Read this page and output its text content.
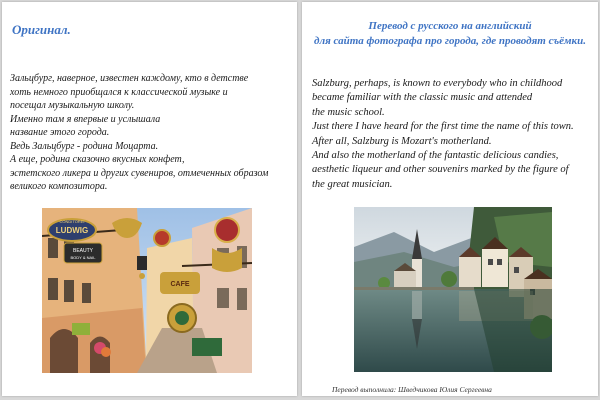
Оригинал.
Зальцбург, наверное, известен каждому, кто в детстве
хоть немного приобщался к классической музыке и
посещал музыкальную школу.
Именно там я впервые и услышала
название этого города.
Ведь Зальцбург - родина Моцарта.
А еще, родина сказочно вкусных конфет,
эстетского ликера и других сувениров, отмеченных образом
великого композитора.
LUDWIG
CONDITOREI
BEAUTY
BODY & NAIL
CAFE
Перевод с русского на английский
для сайта фотографа про города, где проводят съёмки.
Salzburg, perhaps, is known to everybody who in childhood
became familiar with the classic music and attended
the music school.
Just there I have heard for the first time the name of this town.
After all, Salzburg is Mozart's motherland.
And also the motherland of the fantastic delicious candies,
aesthetic liqueur and other souvenirs marked by the figure of
the great musician.

Перевод выполнила: Шведчикова Юлия Сергеевна
